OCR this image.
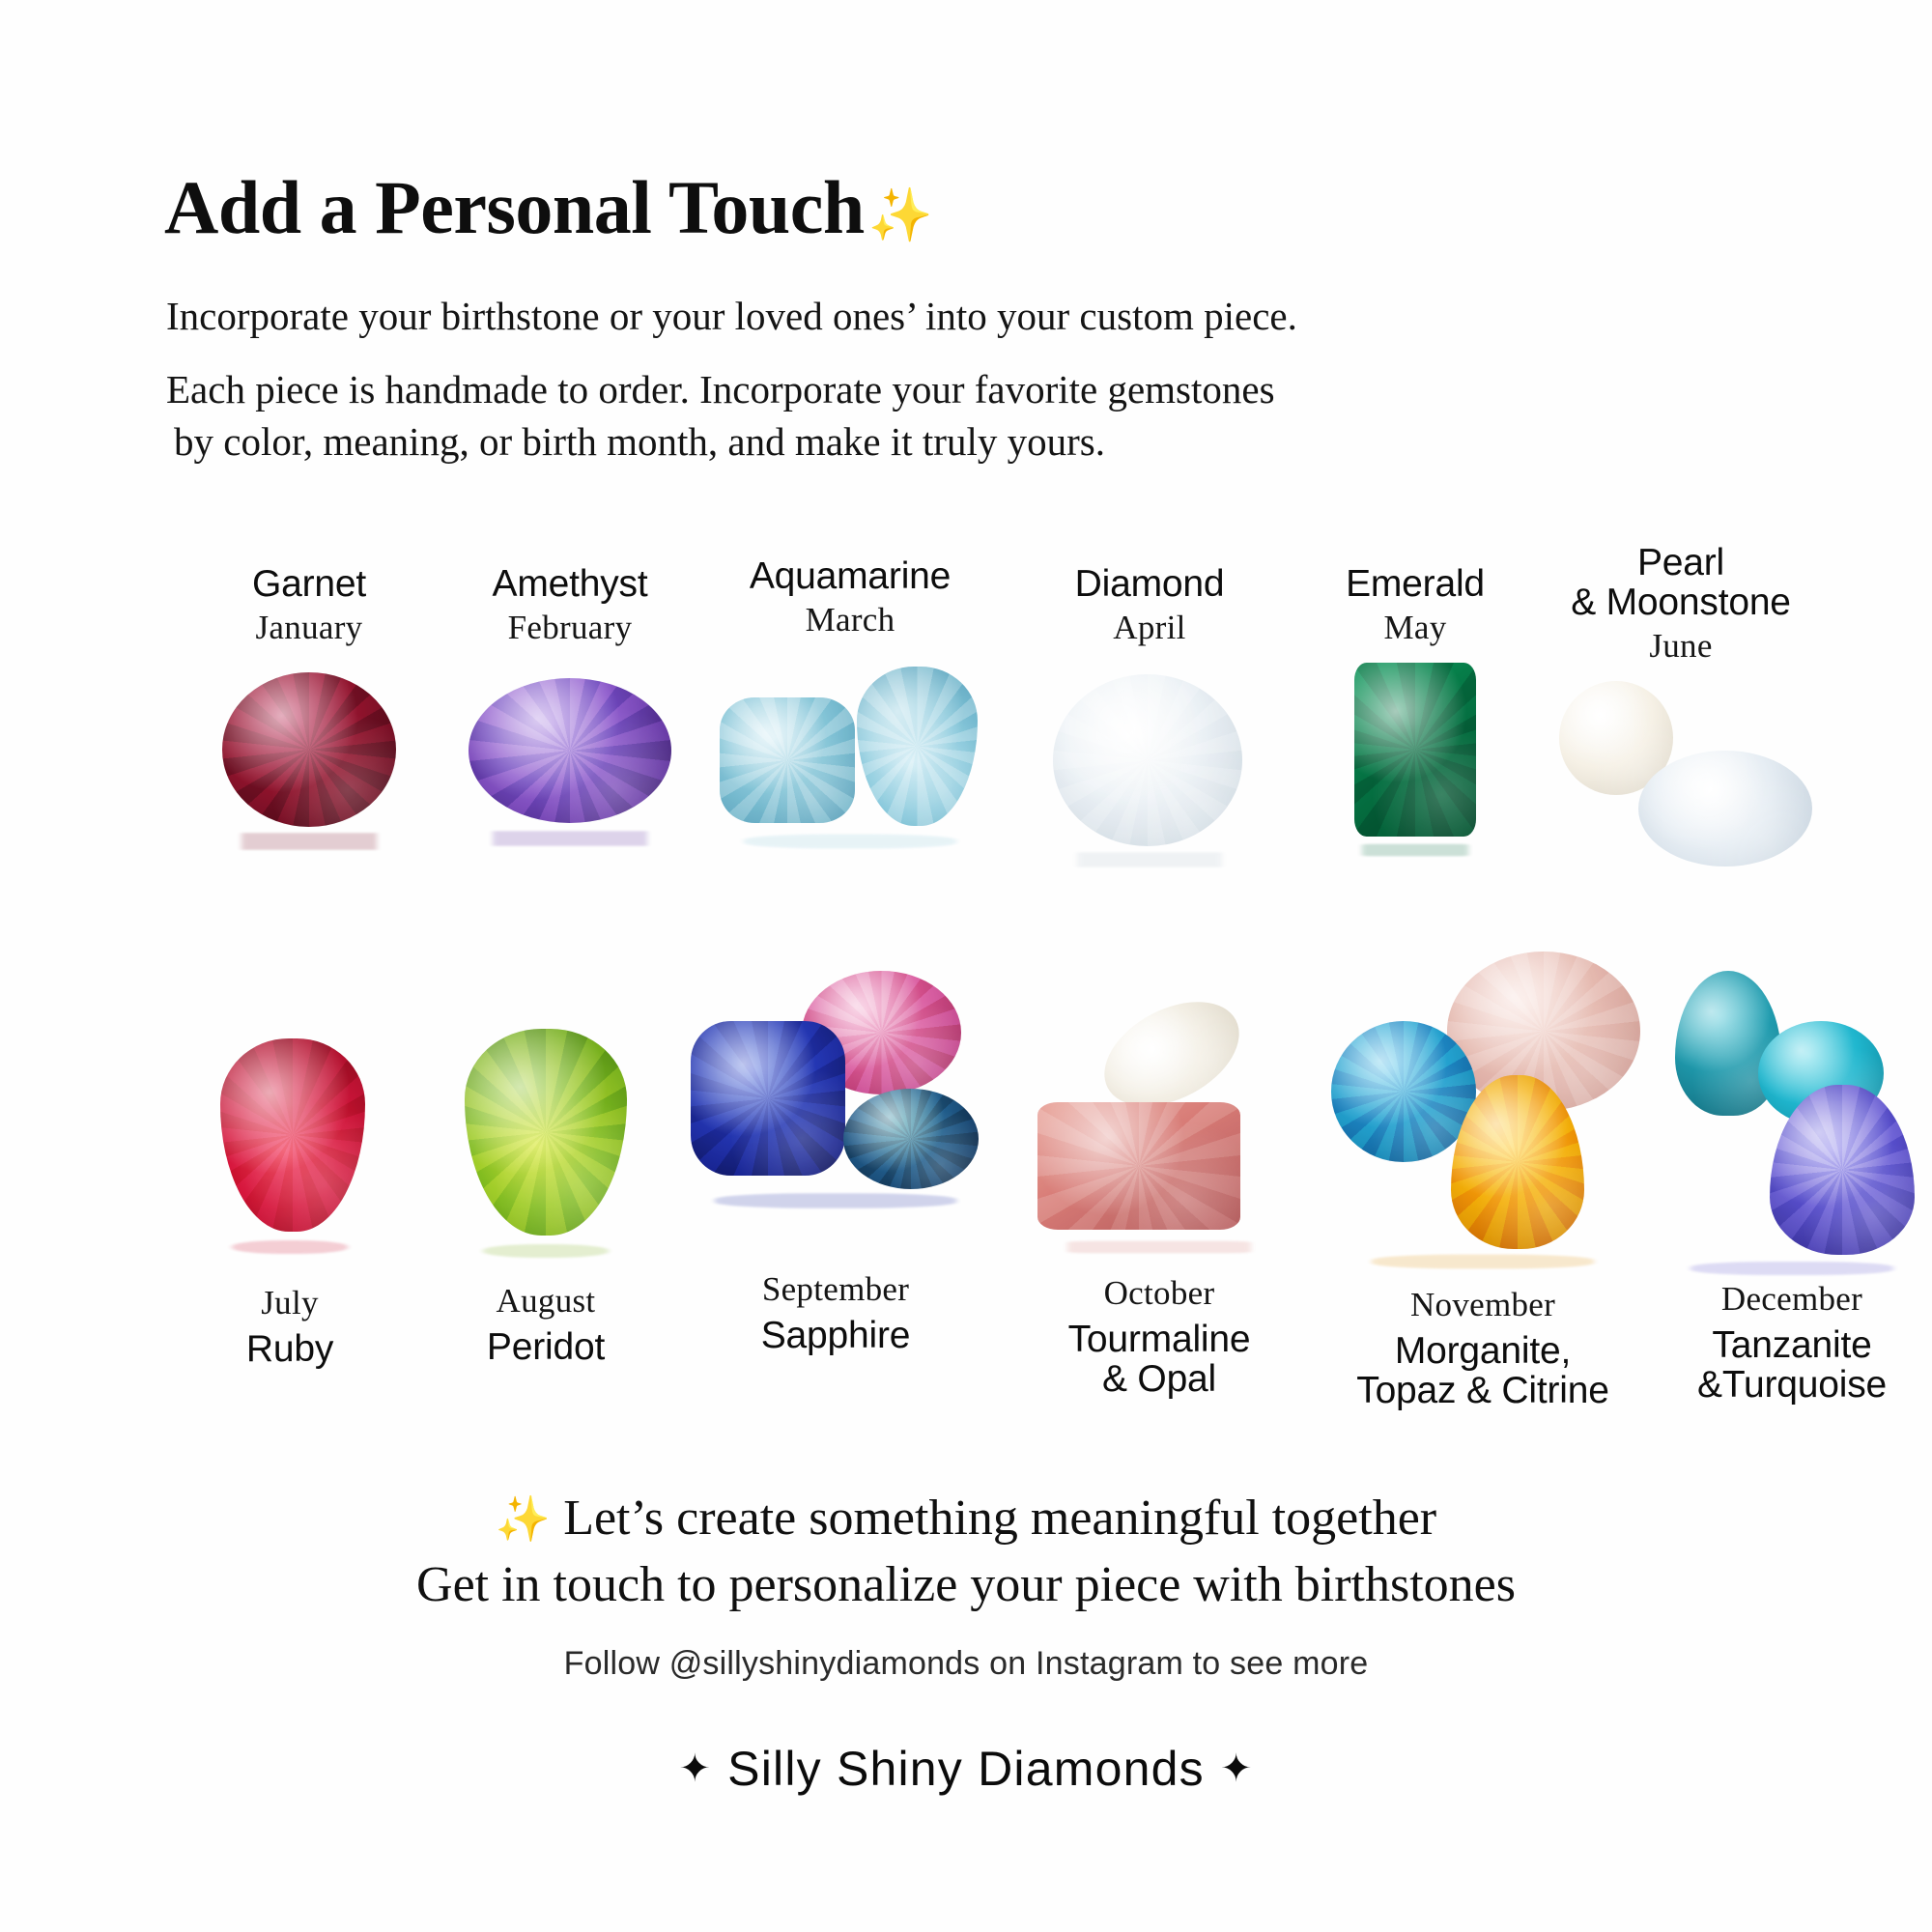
Add a Personal Touch ✨
Incorporate your birthstone or your loved ones’ into your custom piece.
Each piece is handmade to order. Incorporate your favorite gemstones
by color, meaning, or birth month, and make it truly yours.
Garnet
January
Amethyst
February
Aquamarine
March
Diamond
April
Emerald
May
Pearl
& Moonstone
June
July
Ruby
August
Peridot
September
Sapphire
October
Tourmaline
& Opal
November
Morganite,
Topaz & Citrine
December
Tanzanite
&Turquoise
✨ Let’s create something meaningful together
Get in touch to personalize your piece with birthstones
Follow @sillyshinydiamonds on Instagram to see more
✦ Silly Shiny Diamonds ✦
